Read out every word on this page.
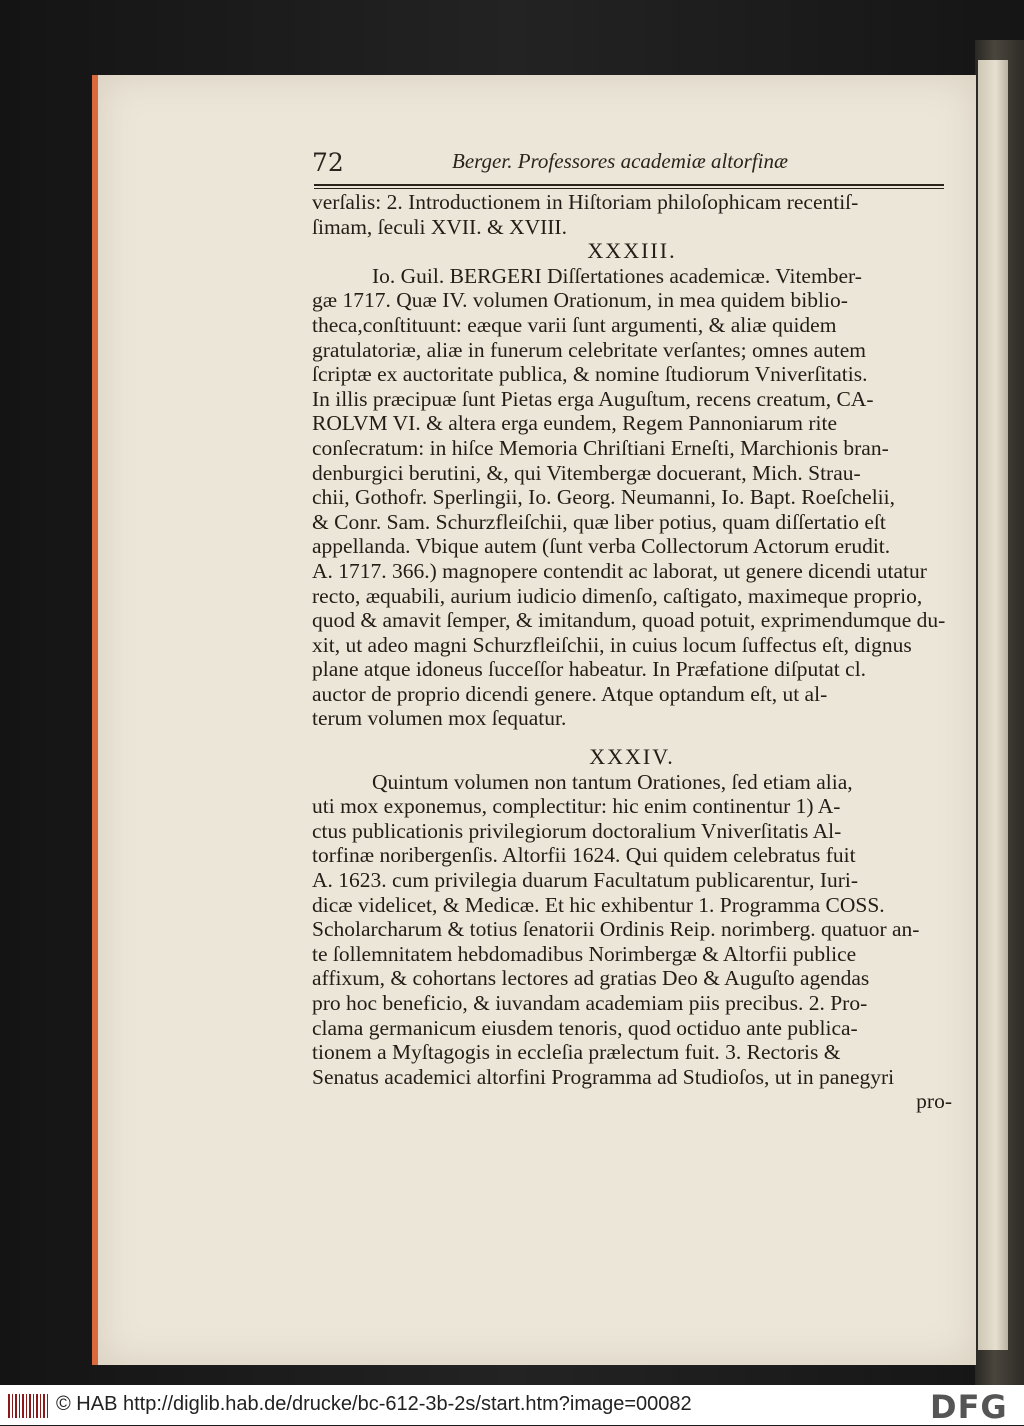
72	Berger. Professores academiæ altorfinæ
verſalis: 2. Introductionem in Hiſtoriam philoſophicam recentiſ-
ſimam, ſeculi XVII. & XVIII.
XXXIII.
Io. Guil. BERGERI Diſſertationes academicæ. Vitember-
gæ 1717. Quæ IV. volumen Orationum, in mea quidem biblio-
theca,conſtituunt: eæque varii ſunt argumenti, & aliæ quidem
gratulatoriæ, aliæ in funerum celebritate verſantes; omnes autem
ſcriptæ ex auctoritate publica, & nomine ſtudiorum Vniverſitatis.
In illis præcipuæ ſunt Pietas erga Auguſtum, recens creatum, CA-
ROLVM VI. & altera erga eundem, Regem Pannoniarum rite
conſecratum: in hiſce Memoria Chriſtiani Erneſti, Marchionis bran-
denburgici berutini, &, qui Vitembergæ docuerant, Mich. Strau-
chii, Gothofr. Sperlingii, Io. Georg. Neumanni, Io. Bapt. Roeſchelii,
& Conr. Sam. Schurzfleiſchii, quæ liber potius, quam diſſertatio eſt
appellanda. Vbique autem (ſunt verba Collectorum Actorum erudit.
A. 1717. 366.) magnopere contendit ac laborat, ut genere dicendi utatur
recto, æquabili, aurium iudicio dimenſo, caſtigato, maximeque proprio,
quod & amavit ſemper, & imitandum, quoad potuit, exprimendumque du-
xit, ut adeo magni Schurzfleiſchii, in cuius locum ſuffectus eſt, dignus
plane atque idoneus ſucceſſor habeatur. In Præfatione diſputat cl.
auctor de proprio dicendi genere. Atque optandum eſt, ut al-
terum volumen mox ſequatur.
XXXIV.
Quintum volumen non tantum Orationes, ſed etiam alia,
uti mox exponemus, complectitur: hic enim continentur 1) A-
ctus publicationis privilegiorum doctoralium Vniverſitatis Al-
torfinæ noribergenſis. Altorfii 1624. Qui quidem celebratus fuit
A. 1623. cum privilegia duarum Facultatum publicarentur, Iuri-
dicæ videlicet, & Medicæ. Et hic exhibentur 1. Programma COSS.
Scholarcharum & totius ſenatorii Ordinis Reip. norimberg. quatuor an-
te ſollemnitatem hebdomadibus Norimbergæ & Altorfii publice
affixum, & cohortans lectores ad gratias Deo & Auguſto agendas
pro hoc beneficio, & iuvandam academiam piis precibus. 2. Pro-
clama germanicum eiusdem tenoris, quod octiduo ante publica-
tionem a Myſtagogis in eccleſia prælectum fuit. 3. Rectoris &
Senatus academici altorfini Programma ad Studioſos, ut in panegyri
pro-
© HAB http://diglib.hab.de/drucke/bc-612-3b-2s/start.htm?image=00082	DFG
